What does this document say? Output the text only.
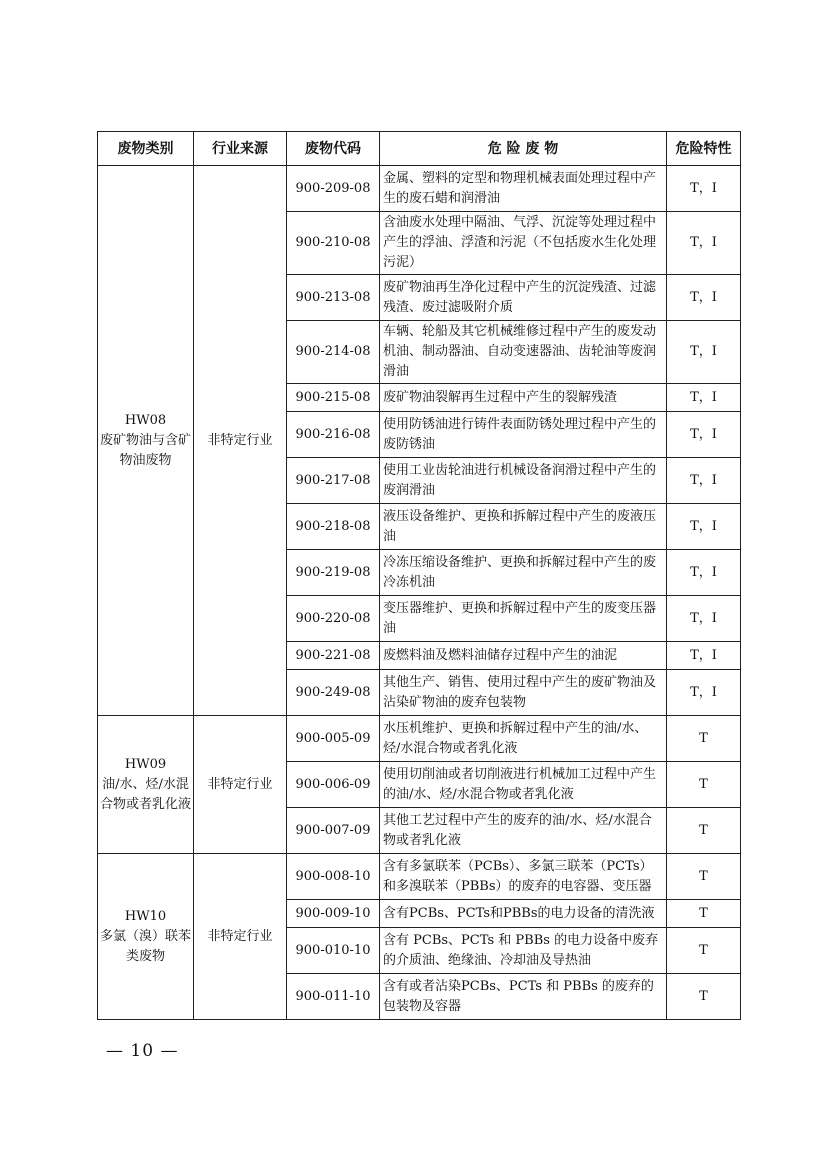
废物类别	行业来源	废物代码	危 险 废 物	危险特性

HW08
废矿物油与含矿物油废物	非特定行业	900-209-08	金属、塑料的定型和物理机械表面处理过程中产生的废石蜡和润滑油	T，I
		900-210-08	含油废水处理中隔油、气浮、沉淀等处理过程中产生的浮油、浮渣和污泥（不包括废水生化处理污泥）	T，I
		900-213-08	废矿物油再生净化过程中产生的沉淀残渣、过滤残渣、废过滤吸附介质	T，I
		900-214-08	车辆、轮船及其它机械维修过程中产生的废发动机油、制动器油、自动变速器油、齿轮油等废润滑油	T，I
		900-215-08	废矿物油裂解再生过程中产生的裂解残渣	T，I
		900-216-08	使用防锈油进行铸件表面防锈处理过程中产生的废防锈油	T，I
		900-217-08	使用工业齿轮油进行机械设备润滑过程中产生的废润滑油	T，I
		900-218-08	液压设备维护、更换和拆解过程中产生的废液压油	T，I
		900-219-08	冷冻压缩设备维护、更换和拆解过程中产生的废冷冻机油	T，I
		900-220-08	变压器维护、更换和拆解过程中产生的废变压器油	T，I
		900-221-08	废燃料油及燃料油储存过程中产生的油泥	T，I
		900-249-08	其他生产、销售、使用过程中产生的废矿物油及沾染矿物油的废弃包装物	T，I

HW09
油/水、烃/水混合物或者乳化液	非特定行业	900-005-09	水压机维护、更换和拆解过程中产生的油/水、烃/水混合物或者乳化液	T
		900-006-09	使用切削油或者切削液进行机械加工过程中产生的油/水、烃/水混合物或者乳化液	T
		900-007-09	其他工艺过程中产生的废弃的油/水、烃/水混合物或者乳化液	T

HW10
多氯（溴）联苯类废物	非特定行业	900-008-10	含有多氯联苯（PCBs）、多氯三联苯（PCTs）和多溴联苯（PBBs）的废弃的电容器、变压器	T
		900-009-10	含有PCBs、PCTs和PBBs的电力设备的清洗液	T
		900-010-10	含有 PCBs、PCTs 和 PBBs 的电力设备中废弃的介质油、绝缘油、冷却油及导热油	T
		900-011-10	含有或者沾染PCBs、PCTs 和 PBBs 的废弃的包装物及容器	T
— 10 —
